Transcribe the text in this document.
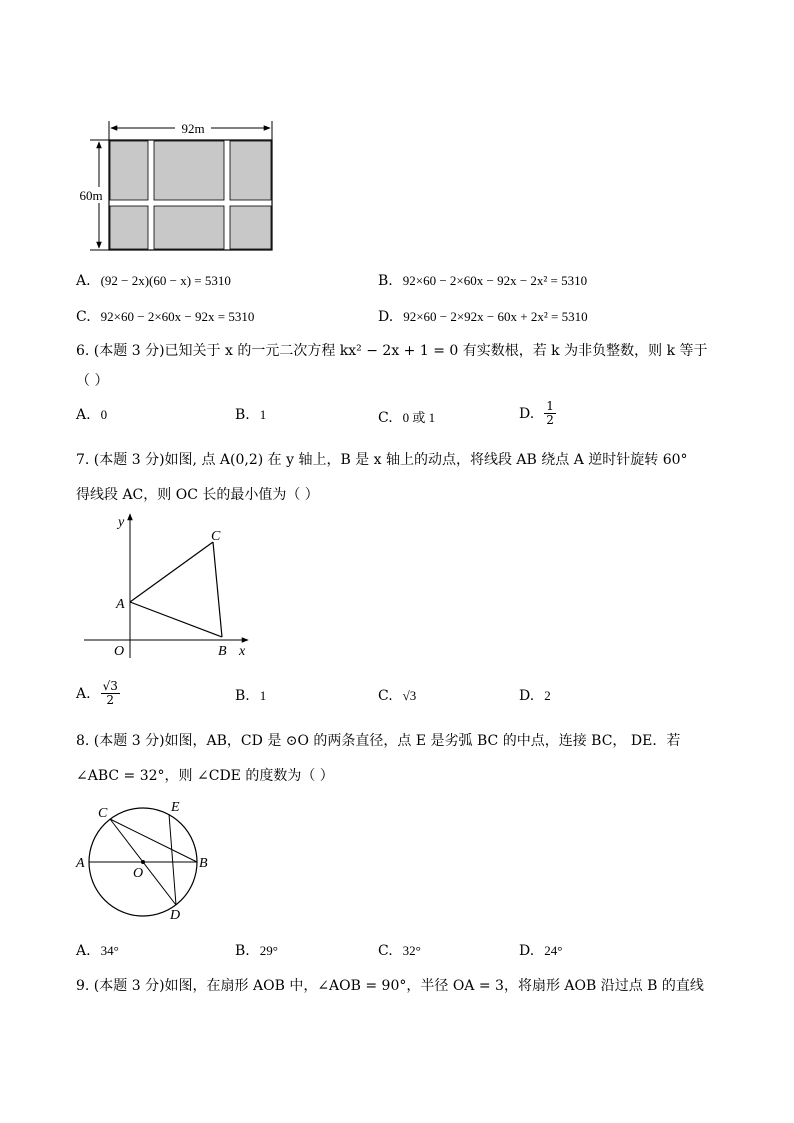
92m
60m
A. (92 − 2x)(60 − x) = 5310	B. 92×60 − 2×60x − 92x − 2x² = 5310
C. 92×60 − 2×60x − 92x = 5310	D. 92×60 − 2×92x − 60x + 2x² = 5310
6. (本题 3 分)已知关于 x 的一元二次方程 kx² − 2x + 1 = 0 有实数根，若 k 为非负整数，则 k 等于
（ ）
A. 0	B. 1	C. 0 或 1	D. $\frac{1}{2}$
7. (本题 3 分)如图, 点 A(0,2) 在 y 轴上，B 是 x 轴上的动点，将线段 AB 绕点 A 逆时针旋转 60°
得线段 AC，则 OC 长的最小值为（ ）
y
C
A
O	B x
A. $\frac{√3}{2}$	B. 1	C. √3	D. 2
8. (本题 3 分)如图，AB，CD 是 ⊙O 的两条直径，点 E 是劣弧 BC 的中点，连接 BC， DE．若
∠ABC = 32°，则 ∠CDE 的度数为（ ）
C	E
A
O
B
D
A. 34°	B. 29°	C. 32°	D. 24°
9. (本题 3 分)如图，在扇形 AOB 中，∠AOB = 90°，半径 OA = 3，将扇形 AOB 沿过点 B 的直线
